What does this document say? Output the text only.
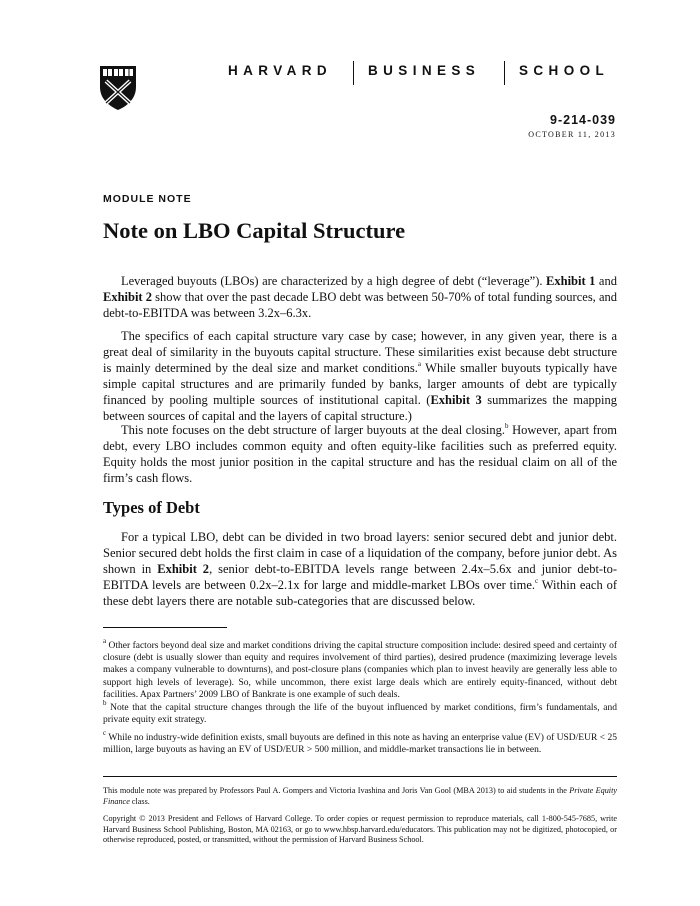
HARVARD	BUSINESS	SCHOOL
9-214-039
OCTOBER 11, 2013
MODULE NOTE
Note on LBO Capital Structure

Leveraged buyouts (LBOs) are characterized by a high degree of debt (“leverage”). Exhibit 1 and Exhibit 2 show that over the past decade LBO debt was between 50-70% of total funding sources, and debt-to-EBITDA was between 3.2x–6.3x.

The specifics of each capital structure vary case by case; however, in any given year, there is a great deal of similarity in the buyouts capital structure. These similarities exist because debt structure is mainly determined by the deal size and market conditions.$^a$ While smaller buyouts typically have simple capital structures and are primarily funded by banks, larger amounts of debt are typically financed by pooling multiple sources of institutional capital. (Exhibit 3 summarizes the mapping between sources of capital and the layers of capital structure.)

This note focuses on the debt structure of larger buyouts at the deal closing.$^b$ However, apart from debt, every LBO includes common equity and often equity-like facilities such as preferred equity. Equity holds the most junior position in the capital structure and has the residual claim on all of the firm’s cash flows.

Types of Debt

For a typical LBO, debt can be divided in two broad layers: senior secured debt and junior debt. Senior secured debt holds the first claim in case of a liquidation of the company, before junior debt. As shown in Exhibit 2, senior debt-to-EBITDA levels range between 2.4x–5.6x and junior debt-to-EBITDA levels are between 0.2x–2.1x for large and middle-market LBOs over time.$^c$ Within each of these debt layers there are notable sub-categories that are discussed below.

$^a$ Other factors beyond deal size and market conditions driving the capital structure composition include: desired speed and certainty of closure (debt is usually slower than equity and requires involvement of third parties), desired prudence (maximizing leverage levels makes a company vulnerable to downturns), and post-closure plans (companies which plan to invest heavily are generally less able to support high levels of leverage). So, while uncommon, there exist large deals which are entirely equity-financed, without debt facilities. Apax Partners’ 2009 LBO of Bankrate is one example of such deals.

$^b$ Note that the capital structure changes through the life of the buyout influenced by market conditions, firm’s fundamentals, and private equity exit strategy.

$^c$ While no industry-wide definition exists, small buyouts are defined in this note as having an enterprise value (EV) of USD/EUR < 25 million, large buyouts as having an EV of USD/EUR > 500 million, and middle-market transactions lie in between.

This module note was prepared by Professors Paul A. Gompers and Victoria Ivashina and Joris Van Gool (MBA 2013) to aid students in the Private Equity Finance class.

Copyright © 2013 President and Fellows of Harvard College. To order copies or request permission to reproduce materials, call 1-800-545-7685, write Harvard Business School Publishing, Boston, MA 02163, or go to www.hbsp.harvard.edu/educators. This publication may not be digitized, photocopied, or otherwise reproduced, posted, or transmitted, without the permission of Harvard Business School.
